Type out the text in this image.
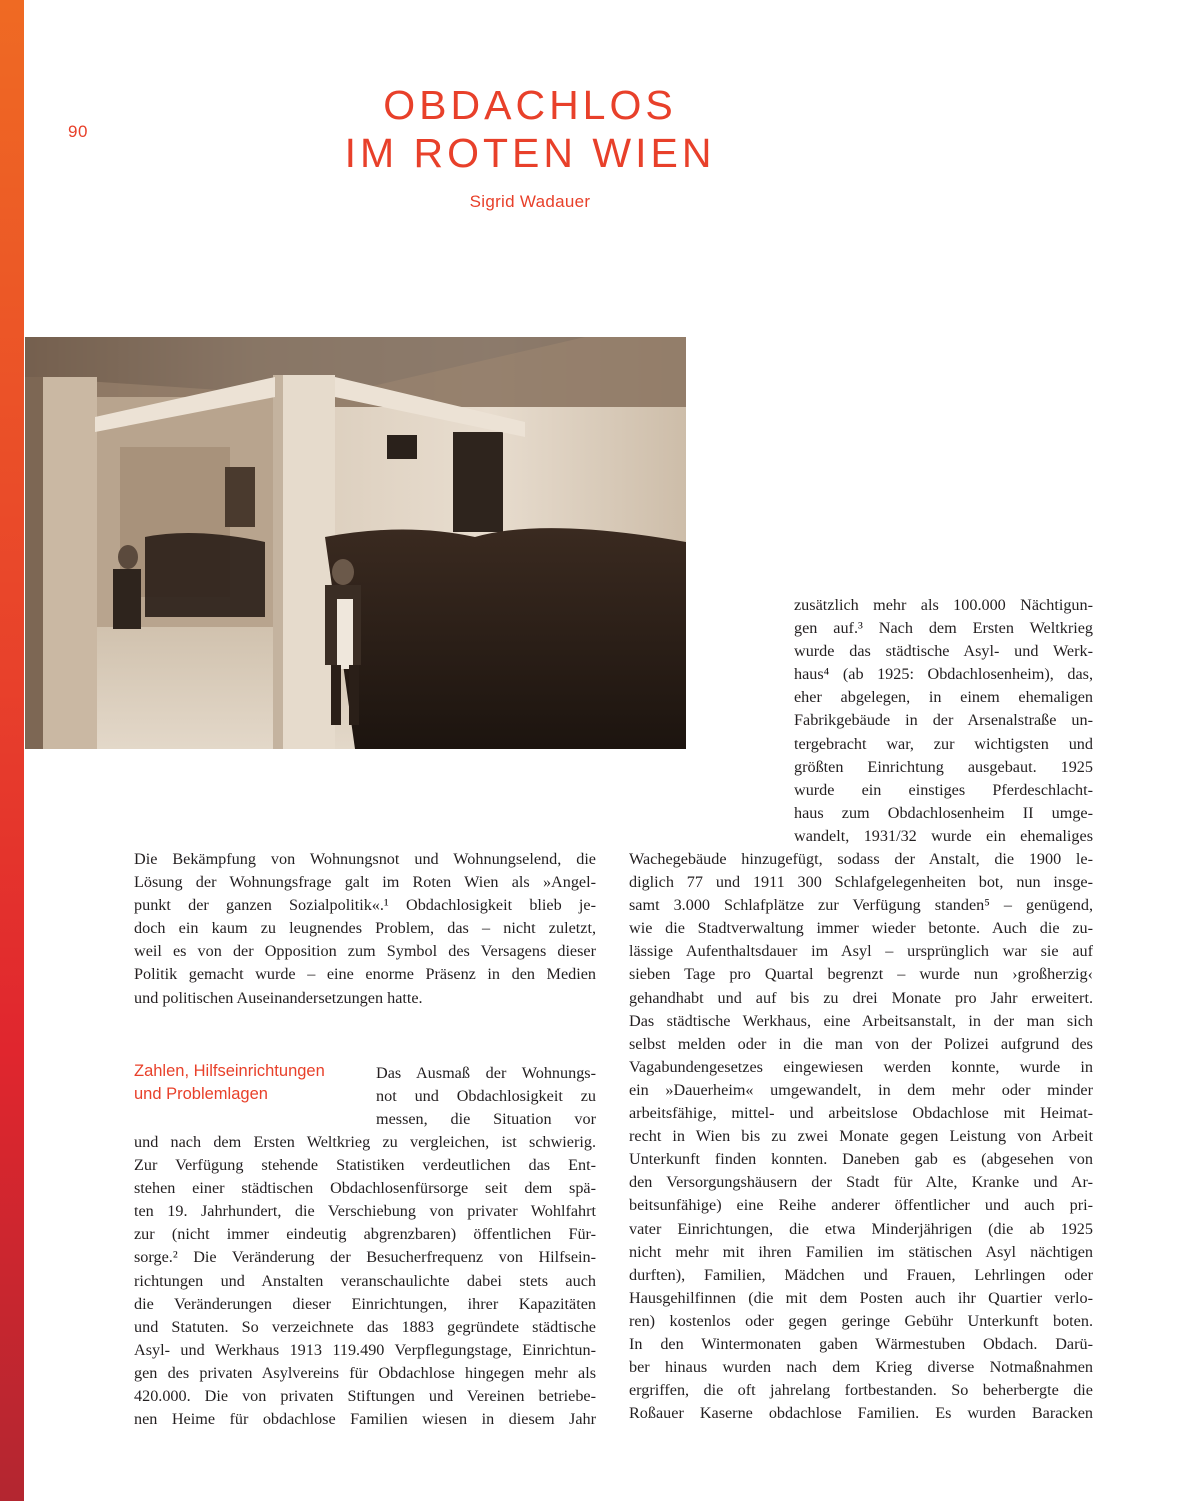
90
OBDACHLOS
IM ROTEN WIEN
Sigrid Wadauer
zusätzlich mehr als 100.000 Nächtigun-
gen auf.³ Nach dem Ersten Weltkrieg
wurde das städtische Asyl- und Werk-
haus⁴ (ab 1925: Obdachlosenheim), das,
eher abgelegen, in einem ehemaligen
Fabrikgebäude in der Arsenalstraße un-
tergebracht war, zur wichtigsten und
größten Einrichtung ausgebaut. 1925
wurde ein einstiges Pferdeschlacht-
haus zum Obdachlosenheim II umge-
wandelt, 1931/32 wurde ein ehemaliges
Die Bekämpfung von Wohnungsnot und Wohnungselend, die
Lösung der Wohnungsfrage galt im Roten Wien als »Angel-
punkt der ganzen Sozialpolitik«.¹ Obdachlosigkeit blieb je-
doch ein kaum zu leugnendes Problem, das – nicht zuletzt,
weil es von der Opposition zum Symbol des Versagens dieser
Politik gemacht wurde – eine enorme Präsenz in den Medien
und politischen Auseinandersetzungen hatte.
Zahlen, Hilfseinrichtungen
und Problemlagen
Das Ausmaß der Wohnungs-
not und Obdachlosigkeit zu
messen, die Situation vor
und nach dem Ersten Weltkrieg zu vergleichen, ist schwierig.
Zur Verfügung stehende Statistiken verdeutlichen das Ent-
stehen einer städtischen Obdachlosenfürsorge seit dem spä-
ten 19. Jahrhundert, die Verschiebung von privater Wohlfahrt
zur (nicht immer eindeutig abgrenzbaren) öffentlichen Für-
sorge.² Die Veränderung der Besucherfrequenz von Hilfsein-
richtungen und Anstalten veranschaulichte dabei stets auch
die Veränderungen dieser Einrichtungen, ihrer Kapazitäten
und Statuten. So verzeichnete das 1883 gegründete städtische
Asyl- und Werkhaus 1913 119.490 Verpflegungstage, Einrichtun-
gen des privaten Asylvereins für Obdachlose hingegen mehr als
420.000. Die von privaten Stiftungen und Vereinen betriebe-
nen Heime für obdachlose Familien wiesen in diesem Jahr
Wachegebäude hinzugefügt, sodass der Anstalt, die 1900 le-
diglich 77 und 1911 300 Schlafgelegenheiten bot, nun insge-
samt 3.000 Schlafplätze zur Verfügung standen⁵ – genügend,
wie die Stadtverwaltung immer wieder betonte. Auch die zu-
lässige Aufenthaltsdauer im Asyl – ursprünglich war sie auf
sieben Tage pro Quartal begrenzt – wurde nun ›großherzig‹
gehandhabt und auf bis zu drei Monate pro Jahr erweitert.
Das städtische Werkhaus, eine Arbeitsanstalt, in der man sich
selbst melden oder in die man von der Polizei aufgrund des
Vagabundengesetzes eingewiesen werden konnte, wurde in
ein »Dauerheim« umgewandelt, in dem mehr oder minder
arbeitsfähige, mittel- und arbeitslose Obdachlose mit Heimat-
recht in Wien bis zu zwei Monate gegen Leistung von Arbeit
Unterkunft finden konnten. Daneben gab es (abgesehen von
den Versorgungshäusern der Stadt für Alte, Kranke und Ar-
beitsunfähige) eine Reihe anderer öffentlicher und auch pri-
vater Einrichtungen, die etwa Minderjährigen (die ab 1925
nicht mehr mit ihren Familien im stätischen Asyl nächtigen
durften), Familien, Mädchen und Frauen, Lehrlingen oder
Hausgehilfinnen (die mit dem Posten auch ihr Quartier verlo-
ren) kostenlos oder gegen geringe Gebühr Unterkunft boten.
In den Wintermonaten gaben Wärmestuben Obdach. Darü-
ber hinaus wurden nach dem Krieg diverse Notmaßnahmen
ergriffen, die oft jahrelang fortbestanden. So beherbergte die
Roßauer Kaserne obdachlose Familien. Es wurden Baracken
